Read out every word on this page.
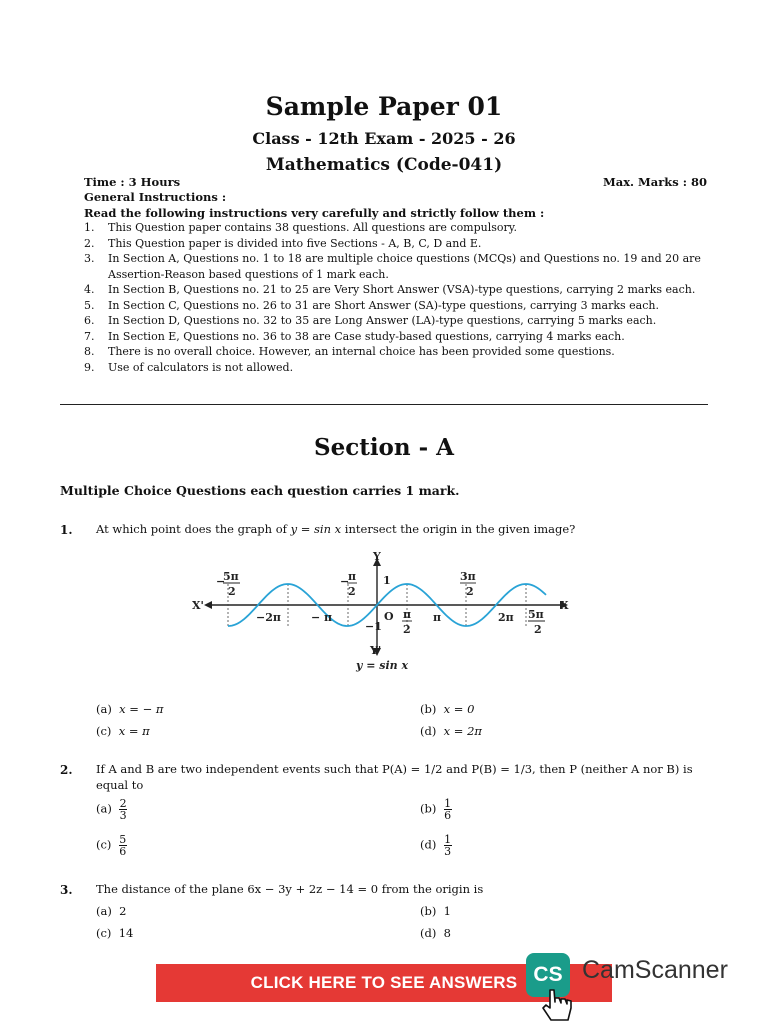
Sample Paper 01
Class - 12th Exam - 2025 - 26
Mathematics (Code-041)
Time : 3 Hours	Max. Marks : 80
General Instructions :
Read the following instructions very carefully and strictly follow them :
1.	This Question paper contains 38 questions. All questions are compulsory.
2.	This Question paper is divided into five Sections - A, B, C, D and E.
3.	In Section A, Questions no. 1 to 18 are multiple choice questions (MCQs) and Questions no. 19 and 20 are Assertion-Reason based questions of 1 mark each.
4.	In Section B, Questions no. 21 to 25 are Very Short Answer (VSA)-type questions, carrying 2 marks each.
5.	In Section C, Questions no. 26 to 31 are Short Answer (SA)-type questions, carrying 3 marks each.
6.	In Section D, Questions no. 32 to 35 are Long Answer (LA)-type questions, carrying 5 marks each.
7.	In Section E, Questions no. 36 to 38 are Case study-based questions, carrying 4 marks each.
8.	There is no overall choice. However, an internal choice has been provided some questions.
9.	Use of calculators is not allowed.
Section - A
Multiple Choice Questions each question carries 1 mark.
1. At which point does the graph of y = sin x intersect the origin in the given image?
X'	X
Y
Y'
1
−1
O
−2π	− π	π	2π
5π
−
2
π
−
2
π
2
3π
2
5π
2
y = sin x
(a) x = − π	(b) x = 0
(c) x = π	(d) x = 2π
2. If A and B are two independent events such that P(A) = 1/2 and P(B) = 1/3, then P (neither A nor B) is
equal to
$(a) \frac{2}{3}$	$(b) \frac{1}{6}$
$(c) \frac{5}{6}$	$(d) \frac{1}{3}$
3. The distance of the plane 6x − 3y + 2z − 14 = 0 from the origin is
(a) 2	(b) 1
(c) 14	(d) 8
CLICK HERE TO SEE ANSWERS CS CamScanner
